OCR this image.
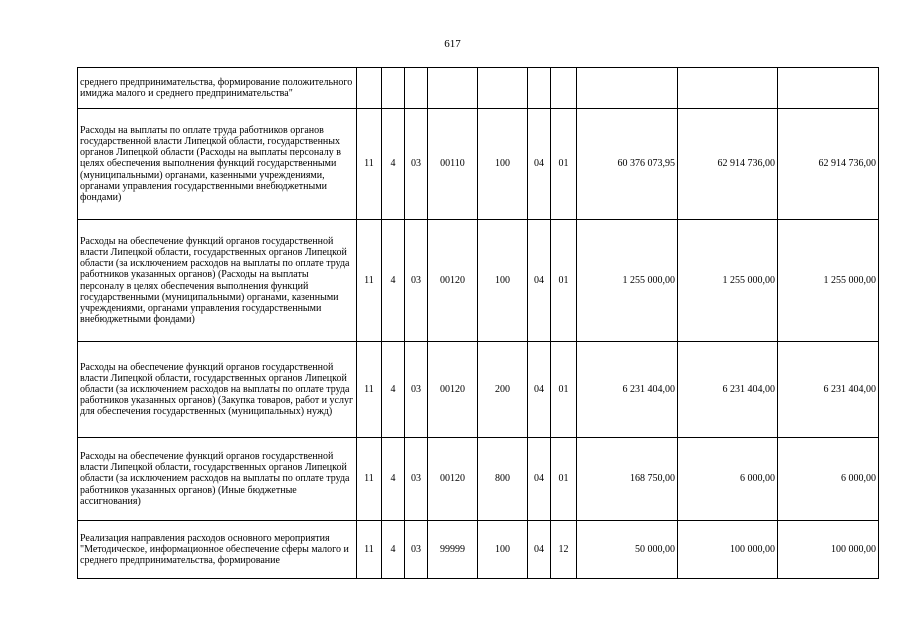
617
среднего предпринимательства, формирование положительного имиджа малого и среднего предпринимательства"										
Расходы на выплаты по оплате труда работников органов государственной власти Липецкой области, государственных органов Липецкой области (Расходы на выплаты персоналу в целях обеспечения выполнения функций государственными (муниципальными) органами, казенными учреждениями, органами управления государственными внебюджетными фондами)	11	4	03	00110	100	04	01	60 376 073,95	62 914 736,00	62 914 736,00
Расходы на обеспечение функций органов государственной власти Липецкой области, государственных органов Липецкой области (за исключением расходов на выплаты по оплате труда работников указанных органов) (Расходы на выплаты персоналу в целях обеспечения выполнения функций государственными (муниципальными) органами, казенными учреждениями, органами управления государственными внебюджетными фондами)	11	4	03	00120	100	04	01	1 255 000,00	1 255 000,00	1 255 000,00
Расходы на обеспечение функций органов государственной власти Липецкой области, государственных органов Липецкой области (за исключением расходов на выплаты по оплате труда работников указанных органов) (Закупка товаров, работ и услуг для обеспечения государственных (муниципальных) нужд)	11	4	03	00120	200	04	01	6 231 404,00	6 231 404,00	6 231 404,00
Расходы на обеспечение функций органов государственной власти Липецкой области, государственных органов Липецкой области (за исключением расходов на выплаты по оплате труда работников указанных органов) (Иные бюджетные ассигнования)	11	4	03	00120	800	04	01	168 750,00	6 000,00	6 000,00
Реализация направления расходов основного мероприятия "Методическое, информационное обеспечение сферы малого и среднего предпринимательства, формирование	11	4	03	99999	100	04	12	50 000,00	100 000,00	100 000,00
